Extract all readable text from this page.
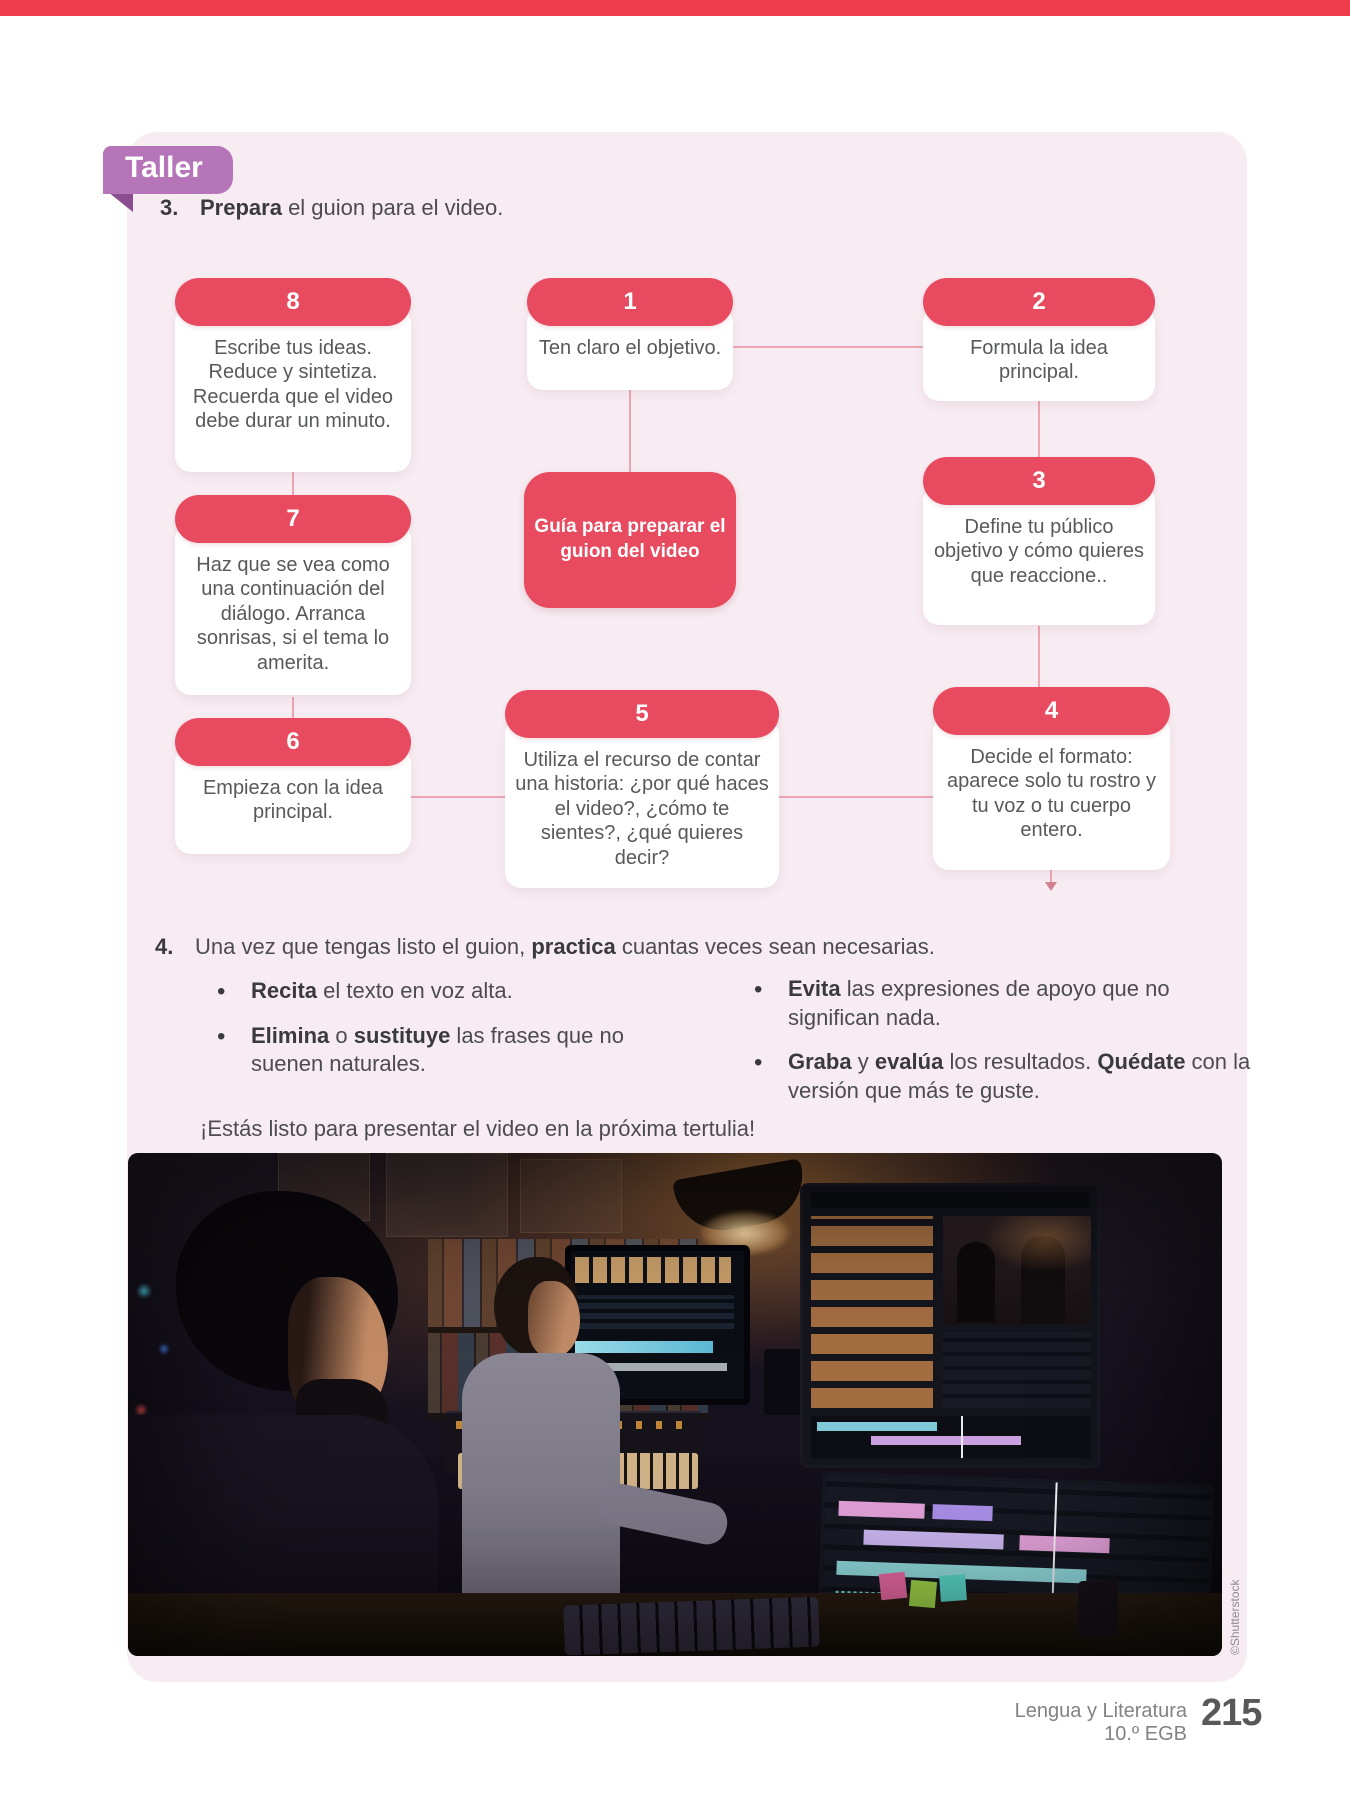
Taller
3. Prepara el guion para el video.
8
Escribe tus ideas. Reduce y sintetiza. Recuerda que el video debe durar un minuto.
7
Haz que se vea como una continuación del diálogo. Arranca sonrisas, si el tema lo amerita.
6
Empieza con la idea principal.
1
Ten claro el objetivo.
Guía para preparar el guion del video
5
Utiliza el recurso de contar una historia: ¿por qué haces el video?, ¿cómo te sientes?, ¿qué quieres decir?
2
Formula la idea principal.
3
Define tu público objetivo y cómo quieres que reaccione..
4
Decide el formato: aparece solo tu rostro y tu voz o tu cuerpo entero.
4. Una vez que tengas listo el guion, practica cuantas veces sean necesarias.
• Recita el texto en voz alta.
• Elimina o sustituye las frases que no suenen naturales.
• Evita las expresiones de apoyo que no significan nada.
• Graba y evalúa los resultados. Quédate con la versión que más te guste.
¡Estás listo para presentar el video en la próxima tertulia!
©Shutterstock
Lengua y Literatura
10.º EGB 215
